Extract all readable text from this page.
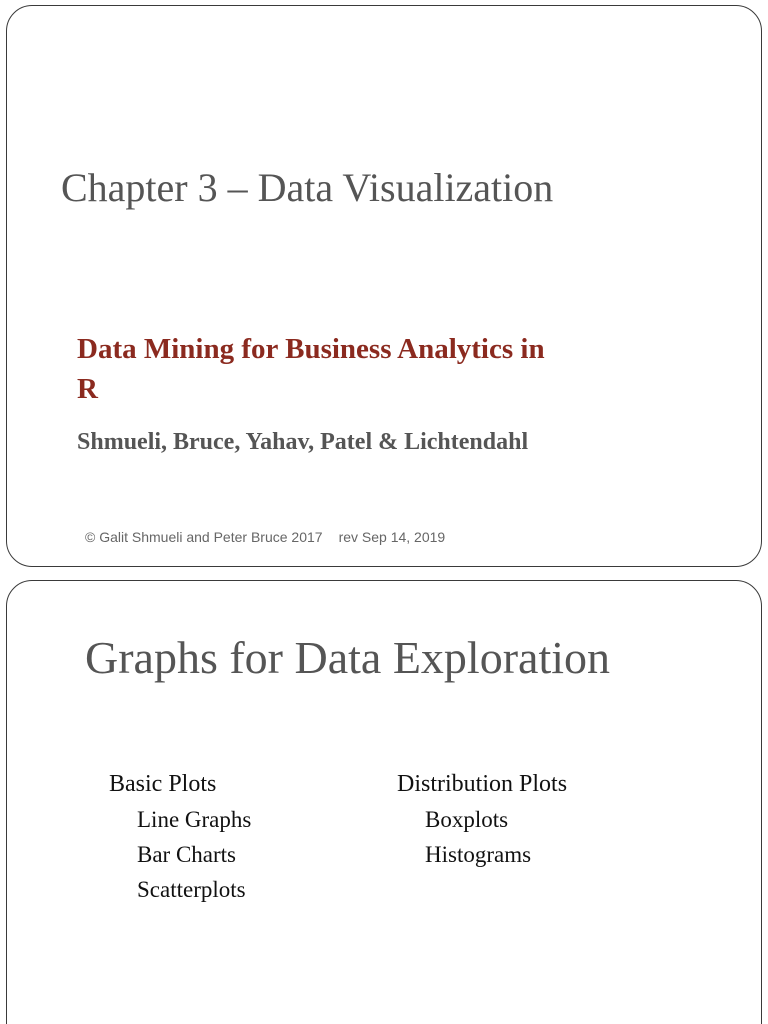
Chapter 3 – Data Visualization
Data Mining for Business Analytics in
R
Shmueli, Bruce, Yahav, Patel & Lichtendahl
© Galit Shmueli and Peter Bruce 2017 rev Sep 14, 2019
Graphs for Data Exploration

Basic Plots

Line Graphs

Bar Charts

Scatterplots

Distribution Plots

Boxplots

Histograms
